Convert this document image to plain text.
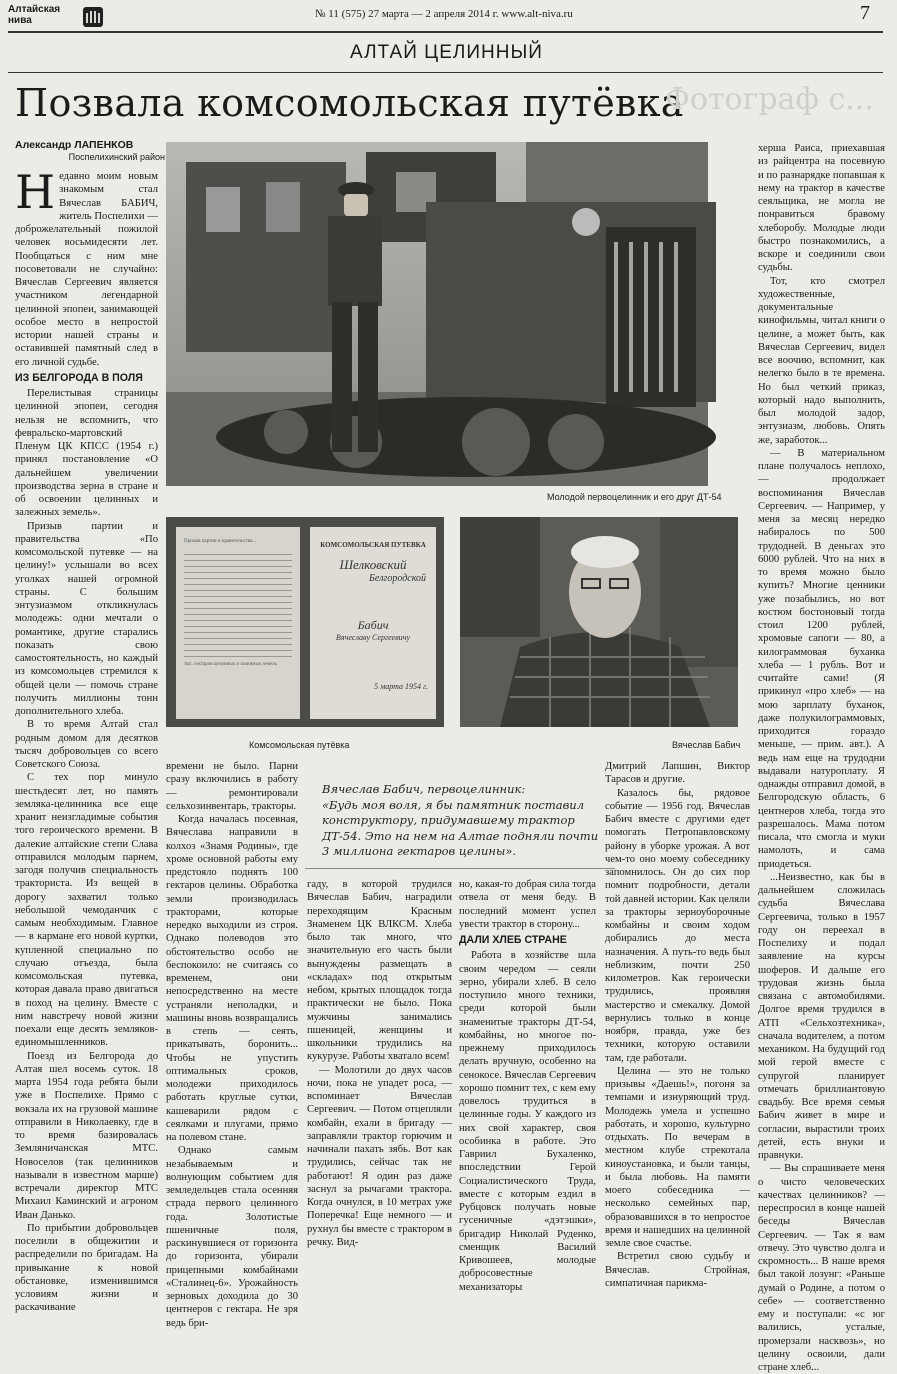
Алтайская нива
№ 11 (575) 27 марта — 2 апреля 2014 г. www.alt-niva.ru	7
АЛТАЙ ЦЕЛИННЫЙ
Позвала комсомольская путёвка
Фотограф с...
Александр ЛАПЕНКОВ
Поспелихинский район
Молодой первоцелинник и его друг ДТ-54
Призыв партии и правительства...
тыс. гектаров целинных и залежных земель
КОМСОМОЛЬСКАЯ ПУТЕВКА
Шелковский
Белгородской
Бабич
Вячеславу Сергеевичу
5 марта 1954 г.
Комсомольская путёвка	Вячеслав Бабич
Вячеслав Бабич, первоцелинник:
«Будь моя воля, я бы памятник поставил конструктору, придумавшему трактор ДТ-54. Это на нем на Алтае подняли почти 3 миллиона гектаров целины».

Недавно моим новым знакомым стал Вячеслав БАБИЧ, житель Поспелихи — доброжелательный пожилой человек восьмидесяти лет. Пообщаться с ним мне посоветовали не случайно: Вячеслав Сергеевич является участником легендарной целинной эпопеи, занимающей особое место в непростой истории нашей страны и оставившей памятный след в его личной судьбе.

ИЗ БЕЛГОРОДА В ПОЛЯ

Перелистывая страницы целинной эпопеи, сегодня нельзя не вспомнить, что февральско-мартовский Пленум ЦК КПСС (1954 г.) принял постановление «О дальнейшем увеличении производства зерна в стране и об освоении целинных и залежных земель».

Призыв партии и правительства «По комсомольской путевке — на целину!» услышали во всех уголках нашей огромной страны. С большим энтузиазмом откликнулась молодежь: одни мечтали о романтике, другие старались показать свою самостоятельность, но каждый из комсомольцев стремился к общей цели — помочь стране получить миллионы тонн дополнительного хлеба.

В то время Алтай стал родным домом для десятков тысяч добровольцев со всего Советского Союза.

С тех пор минуло шестьдесят лет, но память земляка-целинника все еще хранит неизгладимые события того героического времени. В далекие алтайские степи Слава отправился молодым парнем, загодя получив специальность тракториста. Из вещей в дорогу захватил только небольшой чемоданчик с самым необходимым. Главное — в кармане его новой куртки, купленной специально по случаю отъезда, была комсомольская путевка, которая давала право двигаться в поход на целину. Вместе с ним навстречу новой жизни поехали еще десять земляков-единомышленников.

Поезд из Белгорода до Алтая шел восемь суток. 18 марта 1954 года ребята были уже в Поспелихе. Прямо с вокзала их на грузовой машине отправили в Николаевку, где в то время базировалась Земляничанская МТС. Новоселов (так целинников называли в известном марше) встречали директор МТС Михаил Каминский и агроном Иван Данько.

По прибытии добровольцев поселили в общежитии и распределили по бригадам. На привыкание к новой обстановке, изменившимся условиям жизни и раскачивание

времени не было. Парни сразу включились в работу — ремонтировали сельхозинвентарь, тракторы.

Когда началась посевная, Вячеслава направили в колхоз «Знамя Родины», где хроме основной работы ему предстояло поднять 100 гектаров целины. Обработка земли производилась тракторами, которые нередко выходили из строя. Однако полеводов это обстоятельство особо не беспокоило: не считаясь со временем, они непосредственно на месте устраняли неполадки, и машины вновь возвращались в степь — сеять, прикатывать, боронить... Чтобы не упустить оптимальных сроков, молодежи приходилось работать круглые сутки, кашеварили рядом с сеялками и плугами, прямо на полевом стане.

Однако самым незабываемым и волнующим событием для земледельцев стала осенняя страда первого целинного года. Золотистые пшеничные поля, раскинувшиеся от горизонта до горизонта, убирали прицепными комбайнами «Сталинец-6». Урожайность зерновых доходила до 30 центнеров с гектара. Не зря ведь бри-

гаду, в которой трудился Вячеслав Бабич, наградили переходящим Красным Знаменем ЦК ВЛКСМ. Хлеба было так много, что значительную его часть были вынуждены размещать в «складах» под открытым небом, крытых площадок тогда практически не было. Пока мужчины занимались пшеницей, женщины и школьники трудились на кукурузе. Работы хватало всем!

— Молотили до двух часов ночи, пока не упадет роса, — вспоминает Вячеслав Сергеевич. — Потом отцепляли комбайн, ехали в бригаду — заправляли трактор горючим и начинали пахать зябь. Вот как трудились, сейчас так не работают! Я один раз даже заснул за рычагами трактора. Когда очнулся, в 10 метрах уже Поперечка! Еще немного — и рухнул бы вместе с трактором в речку. Вид-

но, какая-то добрая сила тогда отвела от меня беду. В последний момент успел увести трактор в сторону...

ДАЛИ ХЛЕБ СТРАНЕ

Работа в хозяйстве шла своим чередом — сеяли зерно, убирали хлеб. В село поступило много техники, среди которой были знаменитые тракторы ДТ-54, комбайны, но многое по-прежнему приходилось делать вручную, особенно на сенокосе. Вячеслав Сергеевич хорошо помнит тех, с кем ему довелось трудиться в целинные годы. У каждого из них свой характер, своя особинка в работе. Это Гавриил Бухаленко, впоследствии Герой Социалистического Труда, вместе с которым ездил в Рубцовск получать новые гусеничные «дэтэшки», бригадир Николай Руденко, сменщик Василий Кривошеев, молодые добросовестные механизаторы

Дмитрий Лапшин, Виктор Тарасов и другие.

Казалось бы, рядовое событие — 1956 год. Вячеслав Бабич вместе с другими едет помогать Петропавловскому району в уборке урожая. А вот чем-то оно моему собеседнику запомнилось. Он до сих пор помнит подробности, детали той давней истории. Как целяли за тракторы зерноуборочные комбайны и своим ходом добирались до места назначения. А путь-то ведь был неблизким, почти 250 километров. Как героически трудились, проявляя мастерство и смекалку. Домой вернулись только в конце ноября, правда, уже без техники, которую оставили там, где работали.

Целина — это не только призывы «Даешь!», погоня за темпами и изнуряющий труд. Молодежь умела и успешно работать, и хорошо, культурно отдыхать. По вечерам в местном клубе стрекотала киноустановка, и были танцы, и была любовь. На памяти моего собеседника — несколько семейных пар, образовавшихся в то непростое время и нашедших на целинной земле свое счастье.

Встретил свою судьбу и Вячеслав. Стройная, симпатичная парикма-

херша Раиса, приехавшая из райцентра на посевную и по разнарядке попавшая к нему на трактор в качестве сеяльщика, не могла не понравиться бравому хлеборобу. Молодые люди быстро познакомились, а вскоре и соединили свои судьбы.

Тот, кто смотрел художественные, документальные кинофильмы, читал книги о целине, а может быть, как Вячеслав Сергеевич, видел все воочию, вспомнит, как нелегко было в те времена. Но был четкий приказ, который надо выполнить, был молодой задор, энтузиазм, любовь. Опять же, заработок...

— В материальном плане получалось неплохо, — продолжает воспоминания Вячеслав Сергеевич. — Например, у меня за месяц нередко набиралось по 500 трудодней. В деньгах это 6000 рублей. Что на них в то время можно было купить? Многие ценники уже позабылись, но вот костюм бостоновый тогда стоил 1200 рублей, хромовые сапоги — 80, а килограммовая буханка хлеба — 1 рубль. Вот и считайте сами! (Я прикинул «про хлеб» — на мою зарплату буханок, даже полукилограммовых, приходится гораздо меньше, — прим. авт.). А ведь нам еще на трудодни выдавали натуроплату. Я однажды отправил домой, в Белгородскую область, 6 центнеров хлеба, тогда это разрешалось. Мама потом писала, что смогла и муки намолоть, и сама приодеться.

...Неизвестно, как бы в дальнейшем сложилась судьба Вячеслава Сергеевича, только в 1957 году он переехал в Поспелиху и подал заявление на курсы шоферов. И дальше его трудовая жизнь была связана с автомобилями. Долгое время трудился в АТП «Сельхозтехника», сначала водителем, а потом механиком. На будущий год мой герой вместе с супругой планирует отмечать бриллиантовую свадьбу. Все время семья Бабич живет в мире и согласии, вырастили троих детей, есть внуки и правнуки.

— Вы спрашиваете меня о чисто человеческих качествах целинников? — переспросил в конце нашей беседы Вячеслав Сергеевич. — Так я вам отвечу. Это чувство долга и скромность... В наше время был такой лозунг: «Раньше думай о Родине, а потом о себе» — соответственно ему и поступали: «с юг валились, усталые, промерзали насквозь», но целину освоили, дали стране хлеб...
